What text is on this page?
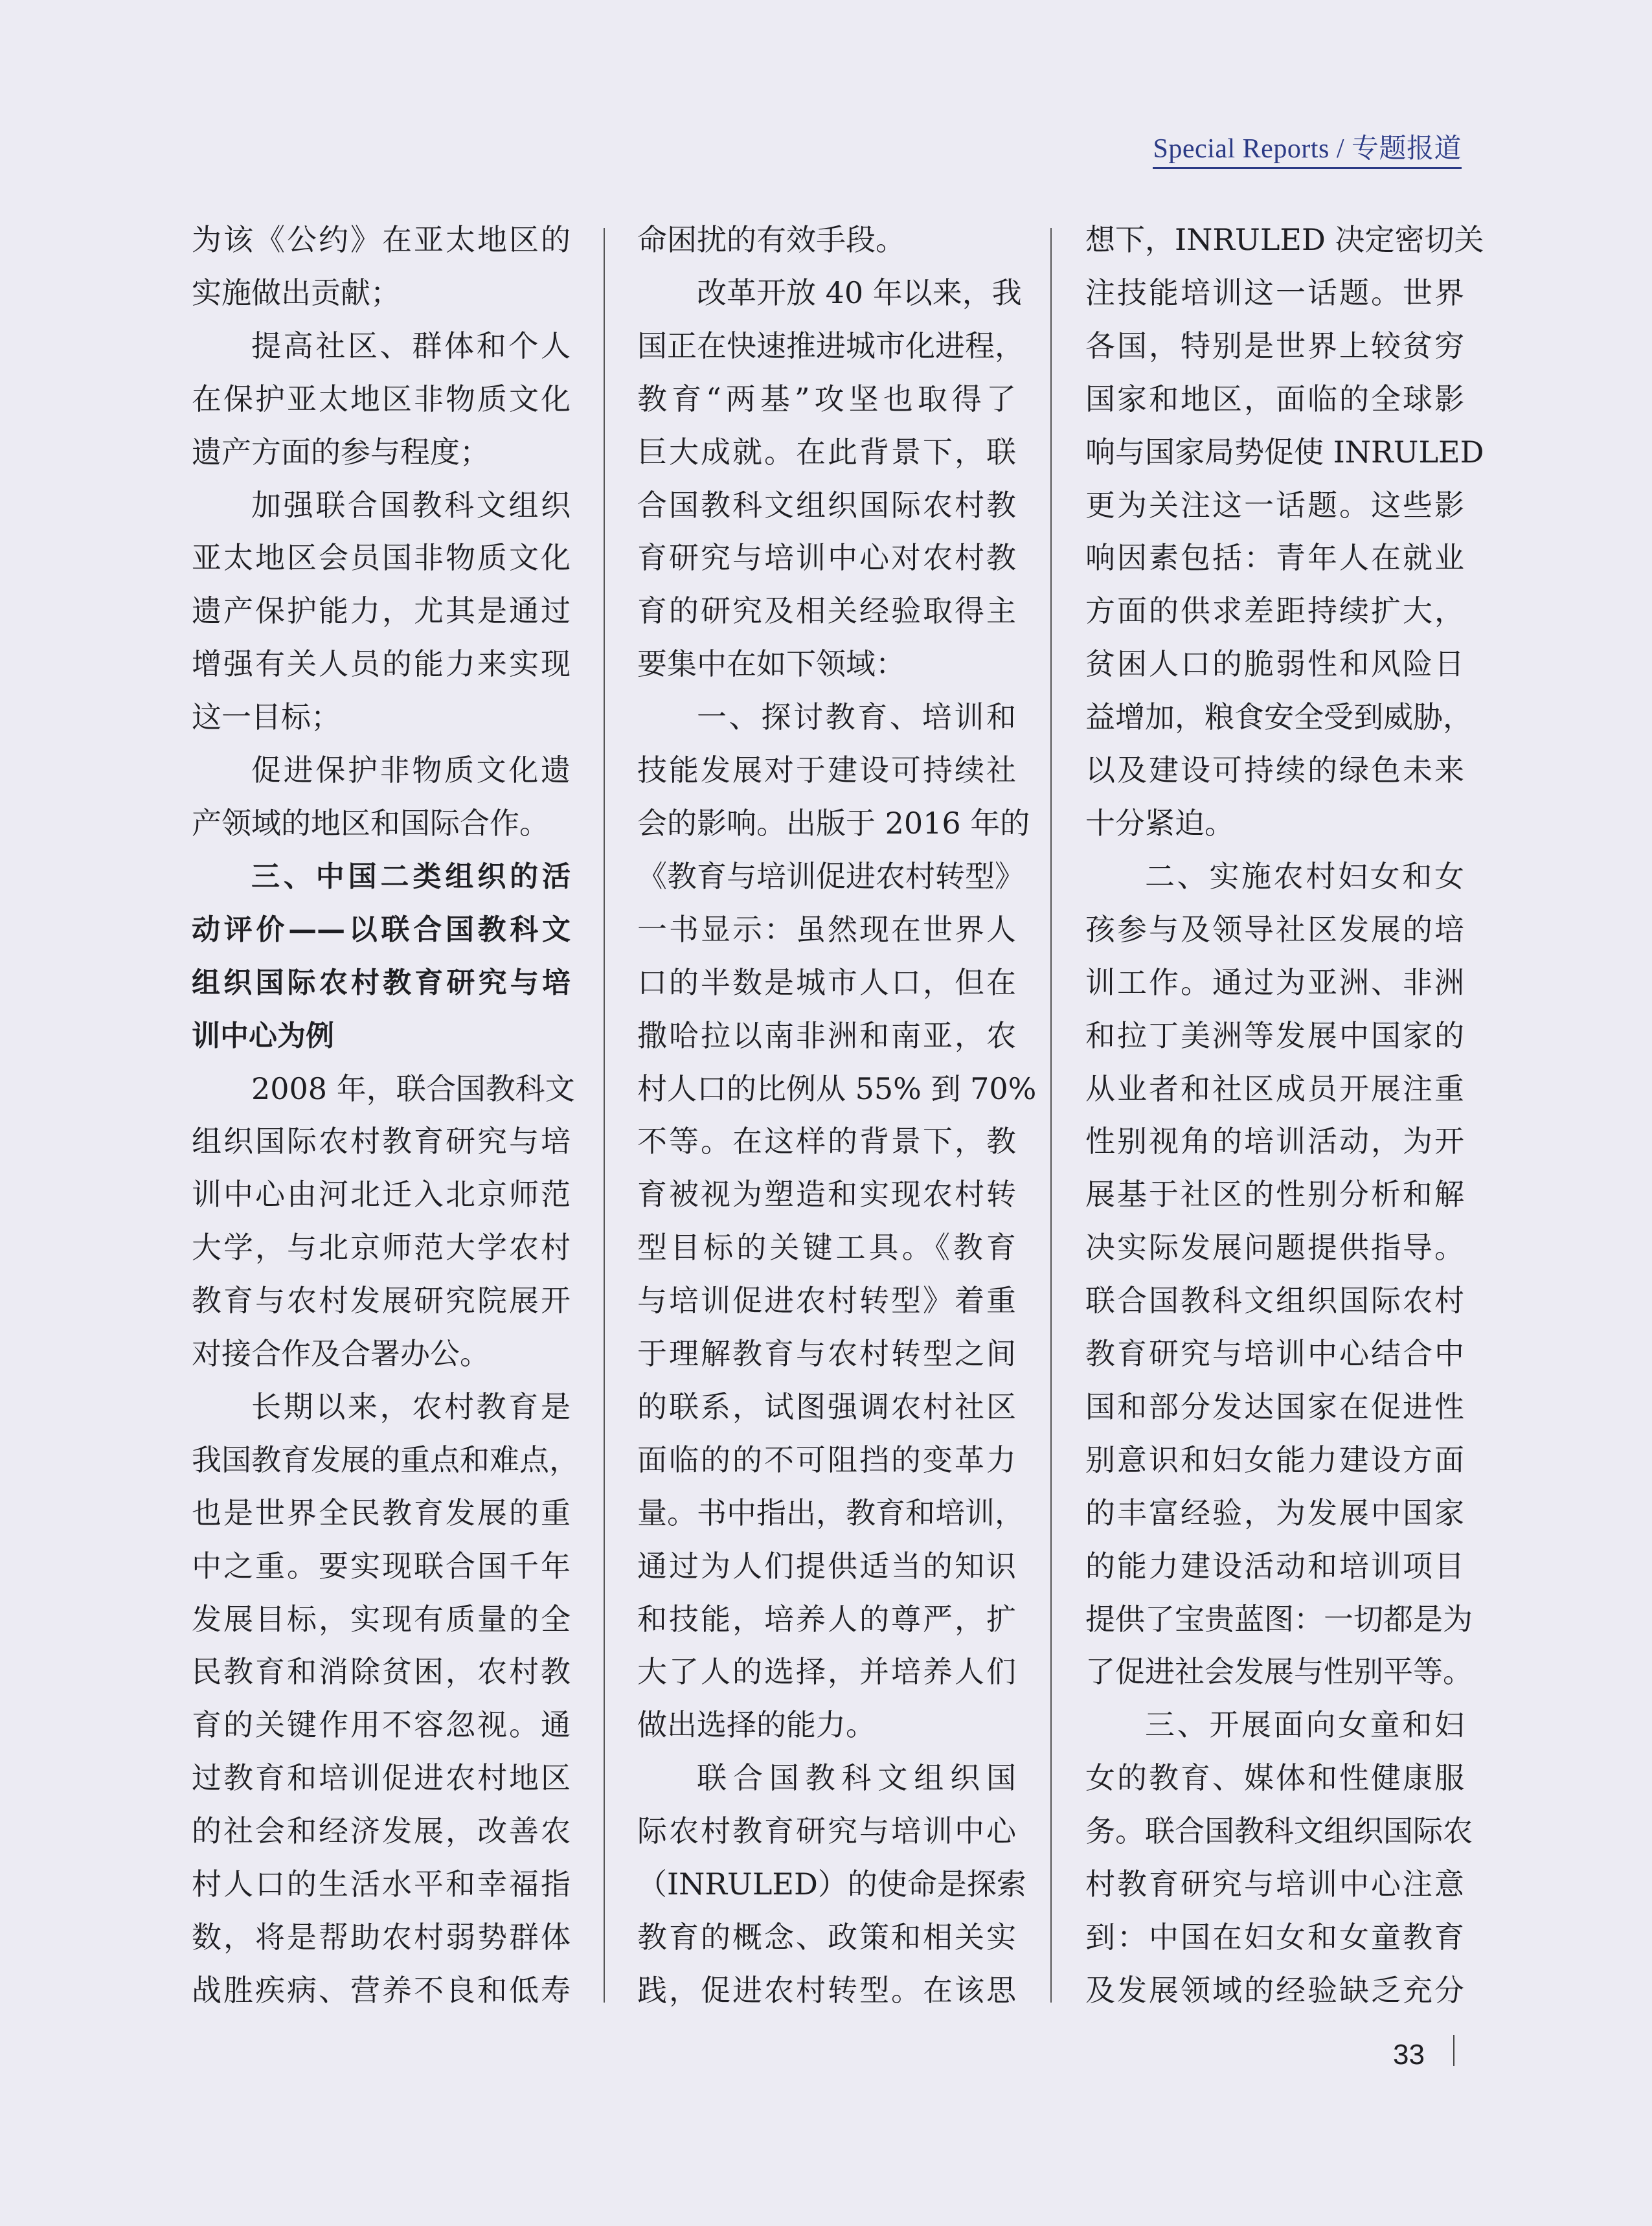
Special Reports / 专题报道

为该《公约》在亚太地区的

实施做出贡献；

提高社区、群体和个人

在保护亚太地区非物质文化

遗产方面的参与程度；

加强联合国教科文组织

亚太地区会员国非物质文化

遗产保护能力，尤其是通过

增强有关人员的能力来实现

这一目标；

促进保护非物质文化遗

产领域的地区和国际合作。

三、中国二类组织的活

动评价——以联合国教科文

组织国际农村教育研究与培

训中心为例

2008 年，联合国教科文

组织国际农村教育研究与培

训中心由河北迁入北京师范

大学，与北京师范大学农村

教育与农村发展研究院展开

对接合作及合署办公。

长期以来，农村教育是

我国教育发展的重点和难点，

也是世界全民教育发展的重

中之重。要实现联合国千年

发展目标，实现有质量的全

民教育和消除贫困，农村教

育的关键作用不容忽视。通

过教育和培训促进农村地区

的社会和经济发展，改善农

村人口的生活水平和幸福指

数，将是帮助农村弱势群体

战胜疾病、营养不良和低寿

命困扰的有效手段。

改革开放 40 年以来，我

国正在快速推进城市化进程，

教育“两基”攻坚也取得了

巨大成就。在此背景下，联

合国教科文组织国际农村教

育研究与培训中心对农村教

育的研究及相关经验取得主

要集中在如下领域：

一、探讨教育、培训和

技能发展对于建设可持续社

会的影响。出版于 2016 年的

《教育与培训促进农村转型》

一书显示：虽然现在世界人

口的半数是城市人口，但在

撒哈拉以南非洲和南亚，农

村人口的比例从 55% 到 70%

不等。在这样的背景下，教

育被视为塑造和实现农村转

型目标的关键工具。《教育

与培训促进农村转型》着重

于理解教育与农村转型之间

的联系，试图强调农村社区

面临的的不可阻挡的变革力

量。书中指出，教育和培训，

通过为人们提供适当的知识

和技能，培养人的尊严，扩

大了人的选择，并培养人们

做出选择的能力。

联合国教科文组织国

际农村教育研究与培训中心

（INRULED）的使命是探索

教育的概念、政策和相关实

践，促进农村转型。在该思

想下，INRULED 决定密切关

注技能培训这一话题。世界

各国，特别是世界上较贫穷

国家和地区，面临的全球影

响与国家局势促使 INRULED

更为关注这一话题。这些影

响因素包括：青年人在就业

方面的供求差距持续扩大，

贫困人口的脆弱性和风险日

益增加，粮食安全受到威胁，

以及建设可持续的绿色未来

十分紧迫。

二、实施农村妇女和女

孩参与及领导社区发展的培

训工作。通过为亚洲、非洲

和拉丁美洲等发展中国家的

从业者和社区成员开展注重

性别视角的培训活动，为开

展基于社区的性别分析和解

决实际发展问题提供指导。

联合国教科文组织国际农村

教育研究与培训中心结合中

国和部分发达国家在促进性

别意识和妇女能力建设方面

的丰富经验，为发展中国家

的能力建设活动和培训项目

提供了宝贵蓝图：一切都是为

了促进社会发展与性别平等。

三、开展面向女童和妇

女的教育、媒体和性健康服

务。联合国教科文组织国际农

村教育研究与培训中心注意

到：中国在妇女和女童教育

及发展领域的经验缺乏充分

33
